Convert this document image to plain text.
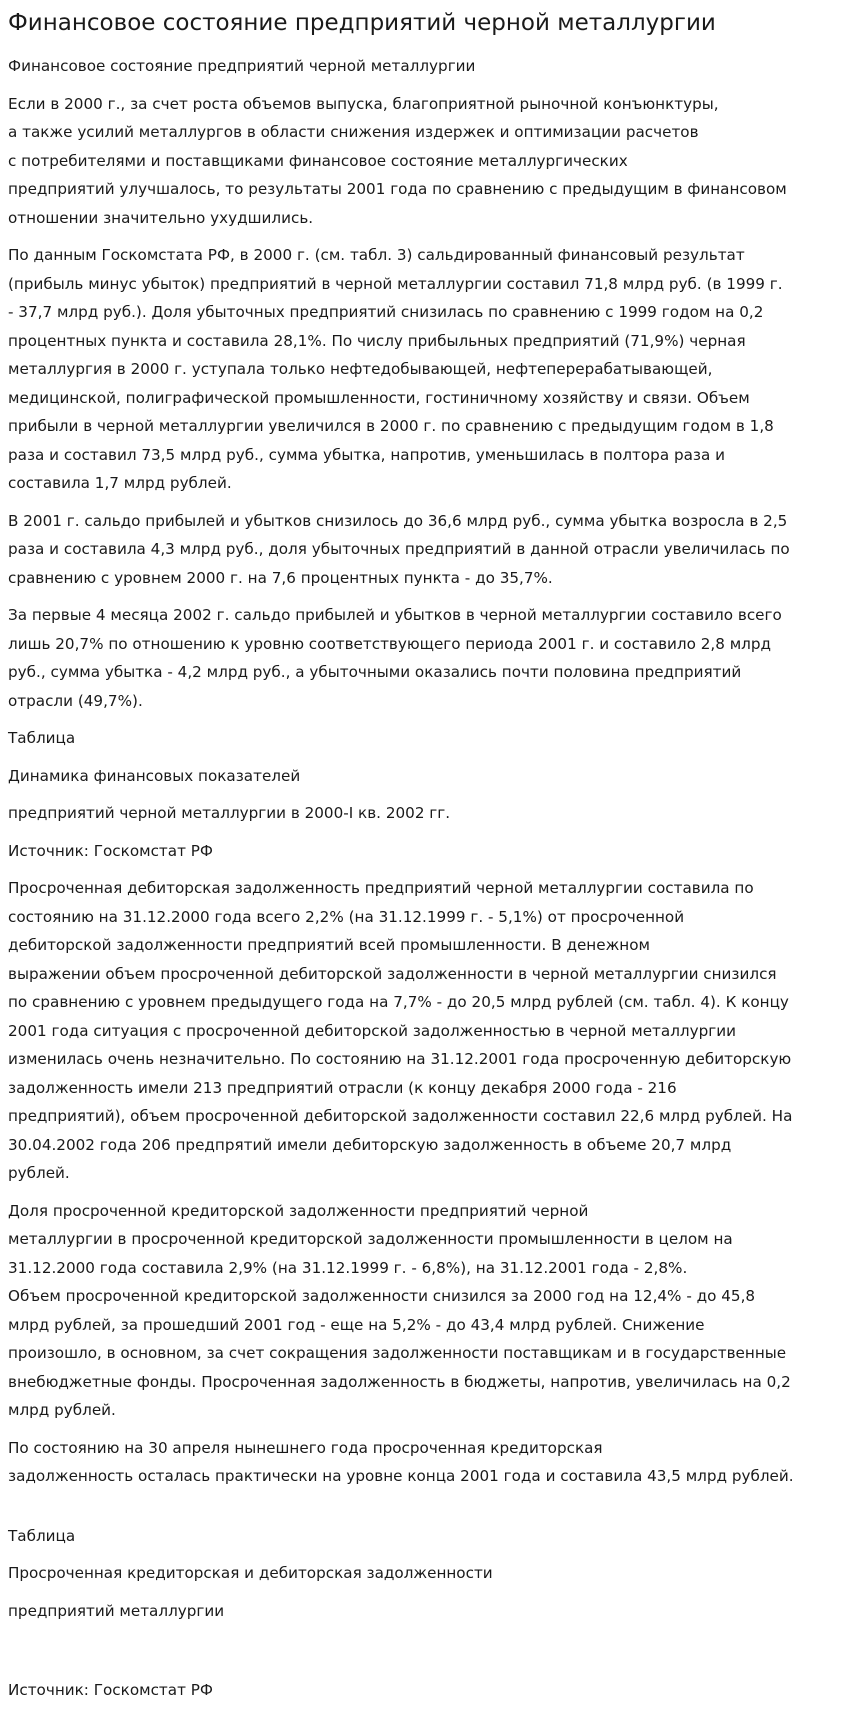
Финансовое состояние предприятий черной металлургии

Финансовое состояние предприятий черной металлургии

Если в 2000 г., за счет роста объемов выпуска, благоприятной рыночной конъюнктуры,
а также усилий металлургов в области снижения издержек и оптимизации расчетов
с потребителями и поставщиками финансовое состояние металлургических
предприятий улучшалось, то результаты 2001 года по сравнению с предыдущим в финансовом
отношении значительно ухудшились.

По данным Госкомстата РФ, в 2000 г. (см. табл. 3) сальдированный финансовый результат
(прибыль минус убыток) предприятий в черной металлургии составил 71,8 млрд руб. (в 1999 г.
- 37,7 млрд руб.). Доля убыточных предприятий снизилась по сравнению с 1999 годом на 0,2
процентных пункта и составила 28,1%. По числу прибыльных предприятий (71,9%) черная
металлургия в 2000 г. уступала только нефтедобывающей, нефтеперерабатывающей,
медицинской, полиграфической промышленности, гостиничному хозяйству и связи. Объем
прибыли в черной металлургии увеличился в 2000 г. по сравнению с предыдущим годом в 1,8
раза и составил 73,5 млрд руб., сумма убытка, напротив, уменьшилась в полтора раза и
составила 1,7 млрд рублей.

В 2001 г. сальдо прибылей и убытков снизилось до 36,6 млрд руб., сумма убытка возросла в 2,5
раза и составила 4,3 млрд руб., доля убыточных предприятий в данной отрасли увеличилась по
сравнению с уровнем 2000 г. на 7,6 процентных пункта - до 35,7%.

За первые 4 месяца 2002 г. сальдо прибылей и убытков в черной металлургии составило всего
лишь 20,7% по отношению к уровню соответствующего периода 2001 г. и составило 2,8 млрд
руб., сумма убытка - 4,2 млрд руб., а убыточными оказались почти половина предприятий
отрасли (49,7%).

Таблица

Динамика финансовых показателей

предприятий черной металлургии в 2000-I кв. 2002 гг.

Источник: Госкомстат РФ

Просроченная дебиторская задолженность предприятий черной металлургии составила по
состоянию на 31.12.2000 года всего 2,2% (на 31.12.1999 г. - 5,1%) от просроченной
дебиторской задолженности предприятий всей промышленности. В денежном
выражении объем просроченной дебиторской задолженности в черной металлургии снизился
по сравнению с уровнем предыдущего года на 7,7% - до 20,5 млрд рублей (см. табл. 4). К концу
2001 года ситуация с просроченной дебиторской задолженностью в черной металлургии
изменилась очень незначительно. По состоянию на 31.12.2001 года просроченную дебиторскую
задолженность имели 213 предприятий отрасли (к концу декабря 2000 года - 216
предприятий), объем просроченной дебиторской задолженности составил 22,6 млрд рублей. На
30.04.2002 года 206 предпрятий имели дебиторскую задолженность в объеме 20,7 млрд
рублей.

Доля просроченной кредиторской задолженности предприятий черной
металлургии в просроченной кредиторской задолженности промышленности в целом на
31.12.2000 года составила 2,9% (на 31.12.1999 г. - 6,8%), на 31.12.2001 года - 2,8%.
Объем просроченной кредиторской задолженности снизился за 2000 год на 12,4% - до 45,8
млрд рублей, за прошедший 2001 год - еще на 5,2% - до 43,4 млрд рублей. Снижение
произошло, в основном, за счет сокращения задолженности поставщикам и в государственные
внебюджетные фонды. Просроченная задолженность в бюджеты, напротив, увеличилась на 0,2
млрд рублей.

По состоянию на 30 апреля нынешнего года просроченная кредиторская
задолженность осталась практически на уровне конца 2001 года и составила 43,5 млрд рублей.

Таблица

Просроченная кредиторская и дебиторская задолженности

предприятий металлургии

Источник: Госкомстат РФ
